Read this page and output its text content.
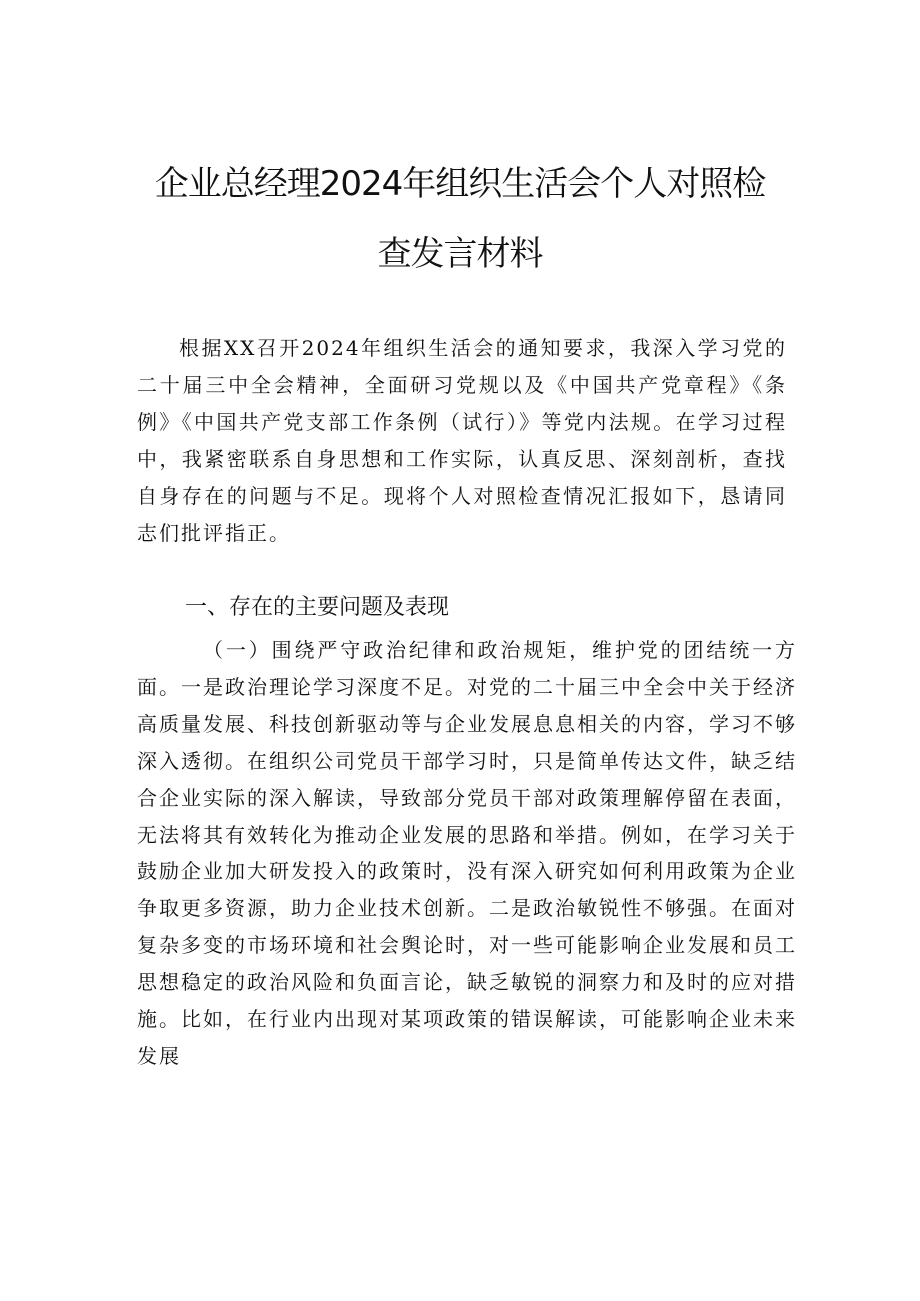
企业总经理2024年组织生活会个人对照检
查发言材料
根据XX召开2024年组织生活会的通知要求，我深入学习党的二十届三中全会精神，全面研习党规以及《中国共产党章程》《条例》《中国共产党支部工作条例（试行）》等党内法规。在学习过程中，我紧密联系自身思想和工作实际，认真反思、深刻剖析，查找自身存在的问题与不足。现将个人对照检查情况汇报如下，恳请同志们批评指正。
一、存在的主要问题及表现
（一）围绕严守政治纪律和政治规矩，维护党的团结统一方面。一是政治理论学习深度不足。对党的二十届三中全会中关于经济高质量发展、科技创新驱动等与企业发展息息相关的内容，学习不够深入透彻。在组织公司党员干部学习时，只是简单传达文件，缺乏结合企业实际的深入解读，导致部分党员干部对政策理解停留在表面，无法将其有效转化为推动企业发展的思路和举措。例如，在学习关于鼓励企业加大研发投入的政策时，没有深入研究如何利用政策为企业争取更多资源，助力企业技术创新。二是政治敏锐性不够强。在面对复杂多变的市场环境和社会舆论时，对一些可能影响企业发展和员工思想稳定的政治风险和负面言论，缺乏敏锐的洞察力和及时的应对措施。比如，在行业内出现对某项政策的错误解读，可能影响企业未来发展
